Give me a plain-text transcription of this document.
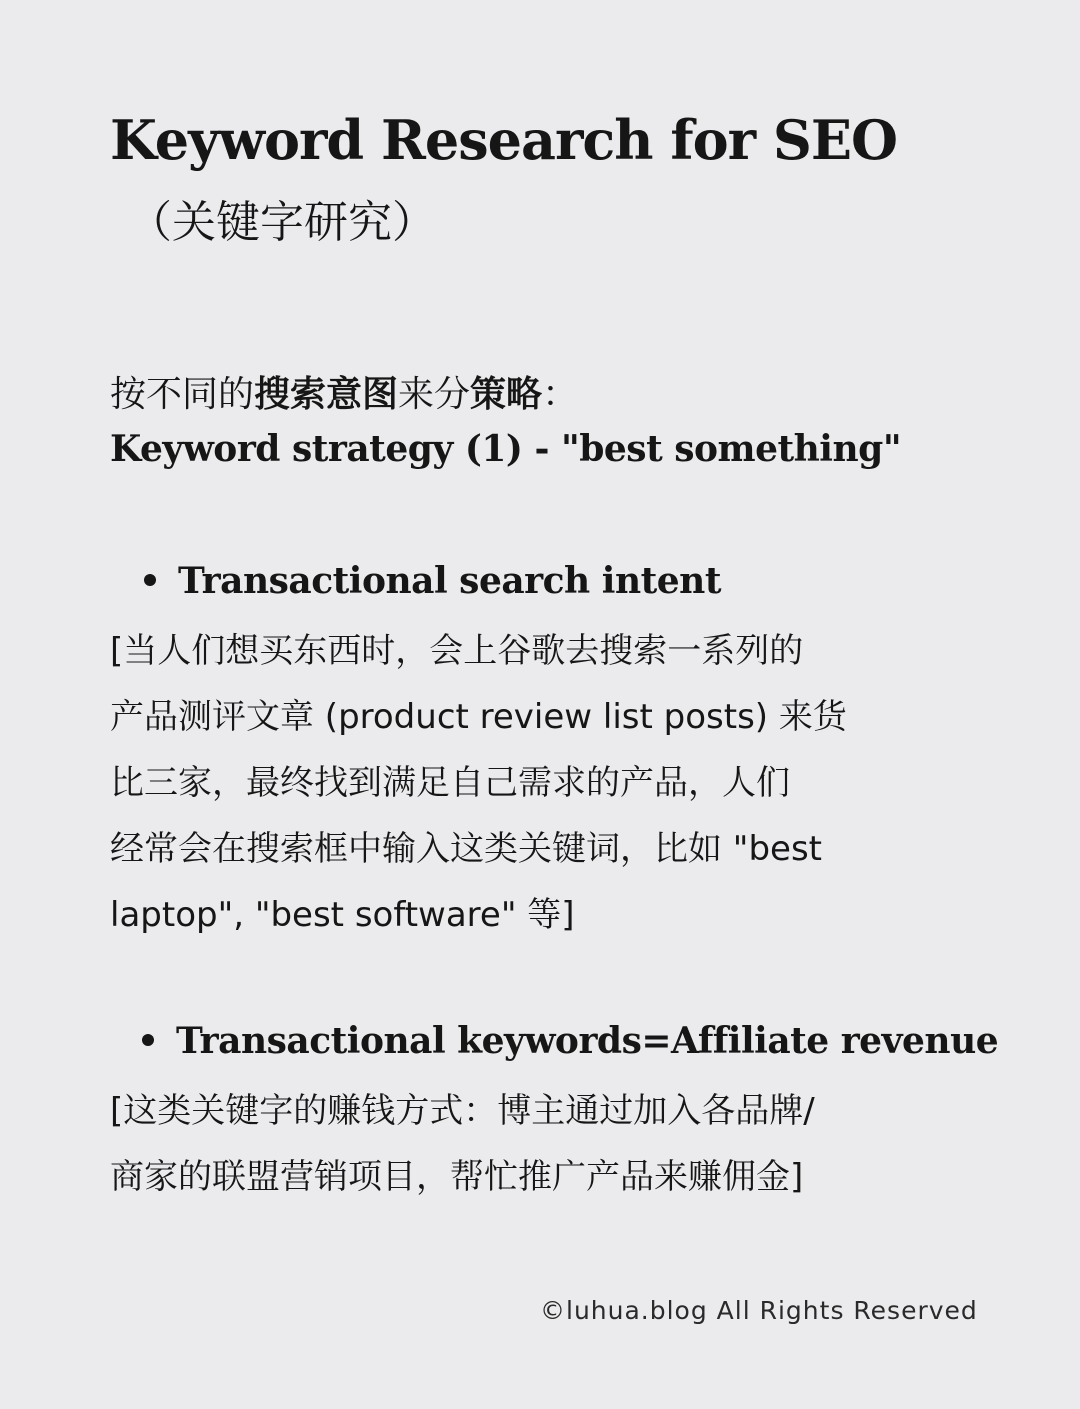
Keyword Research for SEO
（关键字研究）
按不同的搜索意图来分策略：
Keyword strategy (1) - "best something"
Transactional search intent
[当人们想买东西时，会上谷歌去搜索一系列的
产品测评文章 (product review list posts) 来货
比三家，最终找到满足自己需求的产品，人们
经常会在搜索框中输入这类关键词，比如 "best
laptop", "best software" 等]
Transactional keywords=Affiliate revenue
[这类关键字的赚钱方式：博主通过加入各品牌/
商家的联盟营销项目，帮忙推广产品来赚佣金]
©luhua.blog All Rights Reserved
